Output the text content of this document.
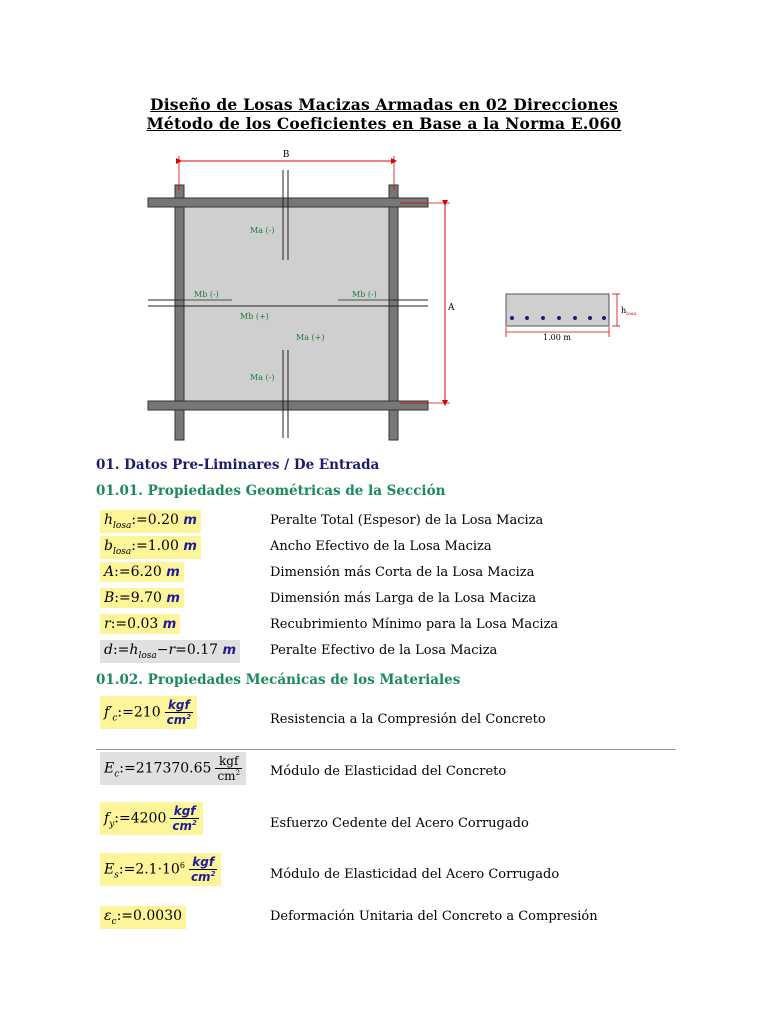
Diseño de Losas Macizas Armadas en 02 Direcciones
Método de los Coeficientes en Base a la Norma E.060
B
A
Ma (-)
Mb (-)	Mb (-)
Mb (+)
Ma (+)
Ma (-)
1.00 m
$h_{losa}$
01. Datos Pre-Liminares / De Entrada
01.01. Propiedades Geométricas de la Sección
$h_{losa}:=0.20$ m	Peralte Total (Espesor) de la Losa Maciza
$b_{losa}:=1.00$ m	Ancho Efectivo de la Losa Maciza
A:=6.20 m	Dimensión más Corta de la Losa Maciza
B:=9.70 m	Dimensión más Larga de la Losa Maciza
r:=0.03 m	Recubrimiento Mínimo para la Losa Maciza
$d:=h_{losa}-r=0.17$ m	Peralte Efectivo de la Losa Maciza
01.02. Propiedades Mecánicas de los Materiales
$f'_c:=210 \frac{\text{kgf}}{cm^2}$	Resistencia a la Compresión del Concreto
$E_c:=217370.65 \frac{\text{kgf}}{cm^2}$ Módulo de Elasticidad del Concreto
$f_y:=4200 \frac{\text{kgf}}{cm^2}$	Esfuerzo Cedente del Acero Corrugado
$E_s:=2.1\cdot 10^6 \frac{\text{kgf}}{cm^2}$	Módulo de Elasticidad del Acero Corrugado
$\varepsilon_c:=0.0030$	Deformación Unitaria del Concreto a Compresión
